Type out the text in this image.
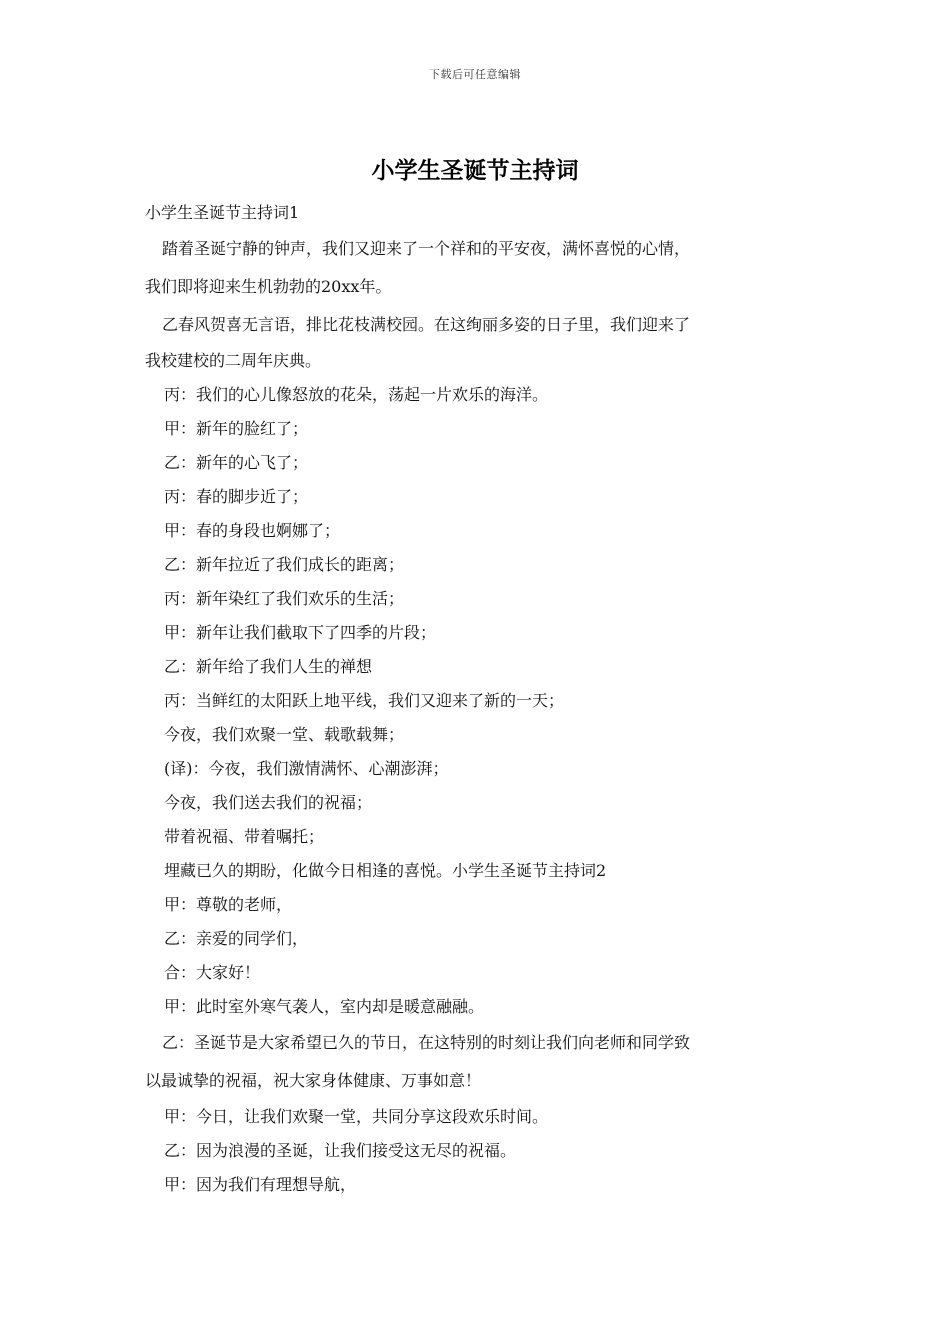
下载后可任意编辑
小学生圣诞节主持词
小学生圣诞节主持词1
踏着圣诞宁静的钟声，我们又迎来了一个祥和的平安夜，满怀喜悦的心情，
我们即将迎来生机勃勃的20xx年。
乙春风贺喜无言语，排比花枝满校园。在这绚丽多姿的日子里，我们迎来了
我校建校的二周年庆典。
丙：我们的心儿像怒放的花朵，荡起一片欢乐的海洋。
甲：新年的脸红了；
乙：新年的心飞了；
丙：春的脚步近了；
甲：春的身段也婀娜了；
乙：新年拉近了我们成长的距离；
丙：新年染红了我们欢乐的生活；
甲：新年让我们截取下了四季的片段；
乙：新年给了我们人生的禅想
丙：当鲜红的太阳跃上地平线，我们又迎来了新的一天；
今夜，我们欢聚一堂、载歌载舞；
(译)：今夜，我们激情满怀、心潮澎湃；
今夜，我们送去我们的祝福；
带着祝福、带着嘱托；
埋藏已久的期盼，化做今日相逢的喜悦。小学生圣诞节主持词2
甲：尊敬的老师，
乙：亲爱的同学们，
合：大家好！
甲：此时室外寒气袭人，室内却是暖意融融。
乙：圣诞节是大家希望已久的节日，在这特别的时刻让我们向老师和同学致
以最诚挚的祝福，祝大家身体健康、万事如意！
甲：今日，让我们欢聚一堂，共同分享这段欢乐时间。
乙：因为浪漫的圣诞，让我们接受这无尽的祝福。
甲：因为我们有理想导航，
